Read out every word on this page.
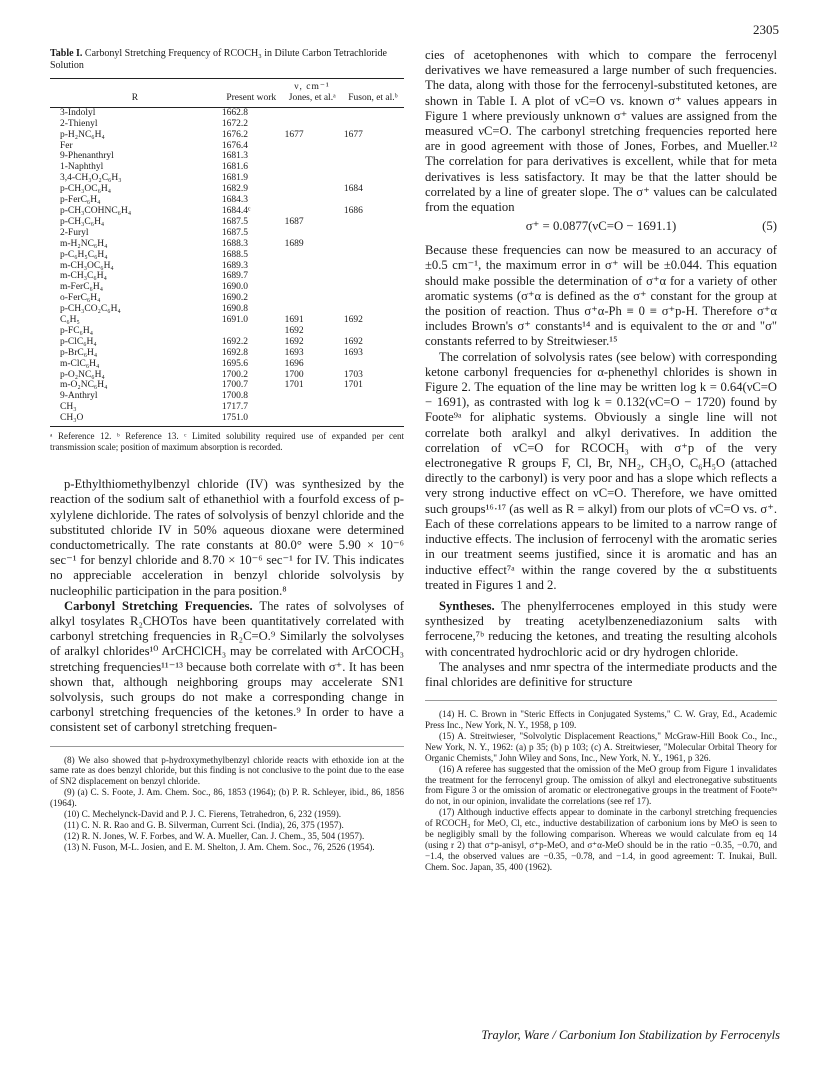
2305

Table I. Carbonyl Stretching Frequency of RCOCH₃ in Dilute Carbon Tetrachloride Solution

	ν, cm⁻¹		
R	Present work	Jones, et al.ᵃ	Fuson, et al.ᵇ
3-Indolyl	1662.8		
2-Thienyl	1672.2		
p-H₂NC₆H₄	1676.2	1677	1677
Fer	1676.4		
9-Phenanthryl	1681.3		
1-Naphthyl	1681.6		
3,4-CH₃O₂C₆H₃	1681.9		
p-CH₃OC₆H₄	1682.9		1684
p-FerC₆H₄	1684.3		
p-CH₃COHNC₆H₄	1684.4ᶜ		1686
p-CH₃C₆H₄	1687.5	1687	
2-Furyl	1687.5		
m-H₂NC₆H₄	1688.3	1689	
p-C₆H₅C₆H₄	1688.5		
m-CH₃OC₆H₄	1689.3		
m-CH₃C₆H₄	1689.7		
m-FerC₆H₄	1690.0		
o-FerC₆H₄	1690.2		
p-CH₃CO₂C₆H₄	1690.8		
C₆H₅	1691.0	1691	1692
p-FC₆H₄		1692	
p-ClC₆H₄	1692.2	1692	1692
p-BrC₆H₄	1692.8	1693	1693
m-ClC₆H₄	1695.6	1696	
p-O₂NC₆H₄	1700.2	1700	1703
m-O₂NC₆H₄	1700.7	1701	1701
9-Anthryl	1700.8		
CH₃	1717.7		
CH₃O	1751.0		

ᵃ Reference 12. ᵇ Reference 13. ᶜ Limited solubility required use of expanded per cent transmission scale; position of maximum absorption is recorded.

p-Ethylthiomethylbenzyl chloride (IV) was synthesized by the reaction of the sodium salt of ethanethiol with a fourfold excess of p-xylylene dichloride. The rates of solvolysis of benzyl chloride and the substituted chloride IV in 50% aqueous dioxane were determined conductometrically. The rate constants at 80.0° were 5.90 × 10⁻⁶ sec⁻¹ for benzyl chloride and 8.70 × 10⁻⁶ sec⁻¹ for IV. This indicates no appreciable acceleration in benzyl chloride solvolysis by nucleophilic participation in the para position.⁸

Carbonyl Stretching Frequencies. The rates of solvolyses of alkyl tosylates R₂CHOTos have been quantitatively correlated with carbonyl stretching frequencies in R₂C=O.⁹ Similarly the solvolyses of aralkyl chlorides¹⁰ ArCHClCH₃ may be correlated with ArCOCH₃ stretching frequencies¹¹⁻¹³ because both correlate with σ⁺. It has been shown that, although neighboring groups may accelerate SN1 solvolysis, such groups do not make a corresponding change in carbonyl stretching frequencies of the ketones.⁹ In order to have a consistent set of carbonyl stretching frequen-

(8) We also showed that p-hydroxymethylbenzyl chloride reacts with ethoxide ion at the same rate as does benzyl chloride, but this finding is not conclusive to the point due to the ease of SN2 displacement on benzyl chloride.

(9) (a) C. S. Foote, J. Am. Chem. Soc., 86, 1853 (1964); (b) P. R. Schleyer, ibid., 86, 1856 (1964).

(10) C. Mechelynck-David and P. J. C. Fierens, Tetrahedron, 6, 232 (1959).

(11) C. N. R. Rao and G. B. Silverman, Current Sci. (India), 26, 375 (1957).

(12) R. N. Jones, W. F. Forbes, and W. A. Mueller, Can. J. Chem., 35, 504 (1957).

(13) N. Fuson, M-L. Josien, and E. M. Shelton, J. Am. Chem. Soc., 76, 2526 (1954).

cies of acetophenones with which to compare the ferrocenyl derivatives we have remeasured a large number of such frequencies. The data, along with those for the ferrocenyl-substituted ketones, are shown in Table I. A plot of νC=O vs. known σ⁺ values appears in Figure 1 where previously unknown σ⁺ values are assigned from the measured νC=O. The carbonyl stretching frequencies reported here are in good agreement with those of Jones, Forbes, and Mueller.¹² The correlation for para derivatives is excellent, while that for meta derivatives is less satisfactory. It may be that the latter should be correlated by a line of greater slope. The σ⁺ values can be calculated from the equation

σ⁺ = 0.0877(νC=O − 1691.1)	(5)

Because these frequencies can now be measured to an accuracy of ±0.5 cm⁻¹, the maximum error in σ⁺ will be ±0.044. This equation should make possible the determination of σ⁺α for a variety of other aromatic systems (σ⁺α is defined as the σ⁺ constant for the group at the position of reaction. Thus σ⁺α-Ph ≡ 0 ≡ σ⁺p-H. Therefore σ⁺α includes Brown's σ⁺ constants¹⁴ and is equivalent to the σr and "σ" constants referred to by Streitwieser.¹⁵

The correlation of solvolysis rates (see below) with corresponding ketone carbonyl frequencies for α-phenethyl chlorides is shown in Figure 2. The equation of the line may be written log k = 0.64(νC=O − 1691), as contrasted with log k = 0.132(νC=O − 1720) found by Foote⁹ᵃ for aliphatic systems. Obviously a single line will not correlate both aralkyl and alkyl derivatives. In addition the correlation of νC=O for RCOCH₃ with σ⁺p of the very electronegative R groups F, Cl, Br, NH₂, CH₃O, C₆H₅O (attached directly to the carbonyl) is very poor and has a slope which reflects a very strong inductive effect on νC=O. Therefore, we have omitted such groups¹⁶·¹⁷ (as well as R = alkyl) from our plots of νC=O vs. σ⁺. Each of these correlations appears to be limited to a narrow range of inductive effects. The inclusion of ferrocenyl with the aromatic series in our treatment seems justified, since it is aromatic and has an inductive effect⁷ᵃ within the range covered by the α substituents treated in Figures 1 and 2.

Syntheses. The phenylferrocenes employed in this study were synthesized by treating acetylbenzenediazonium salts with ferrocene,⁷ᵇ reducing the ketones, and treating the resulting alcohols with concentrated hydrochloric acid or dry hydrogen chloride.

The analyses and nmr spectra of the intermediate products and the final chlorides are definitive for structure

(14) H. C. Brown in "Steric Effects in Conjugated Systems," C. W. Gray, Ed., Academic Press Inc., New York, N. Y., 1958, p 109.

(15) A. Streitwieser, "Solvolytic Displacement Reactions," McGraw-Hill Book Co., Inc., New York, N. Y., 1962: (a) p 35; (b) p 103; (c) A. Streitwieser, "Molecular Orbital Theory for Organic Chemists," John Wiley and Sons, Inc., New York, N. Y., 1961, p 326.

(16) A referee has suggested that the omission of the MeO group from Figure 1 invalidates the treatment for the ferrocenyl group. The omission of alkyl and electronegative substituents from Figure 3 or the omission of aromatic or electronegative groups in the treatment of Foote⁹ᵃ do not, in our opinion, invalidate the correlations (see ref 17).

(17) Although inductive effects appear to dominate in the carbonyl stretching frequencies of RCOCH₃ for MeO, Cl, etc., inductive destabilization of carbonium ions by MeO is seen to be negligibly small by the following comparison. Whereas we would calculate from eq 14 (using r 2) that σ⁺p-anisyl, σ⁺p-MeO, and σ⁺α-MeO should be in the ratio −0.35, −0.70, and −1.4, the observed values are −0.35, −0.78, and −1.4, in good agreement: T. Inukai, Bull. Chem. Soc. Japan, 35, 400 (1962).

Traylor, Ware / Carbonium Ion Stabilization by Ferrocenyls
